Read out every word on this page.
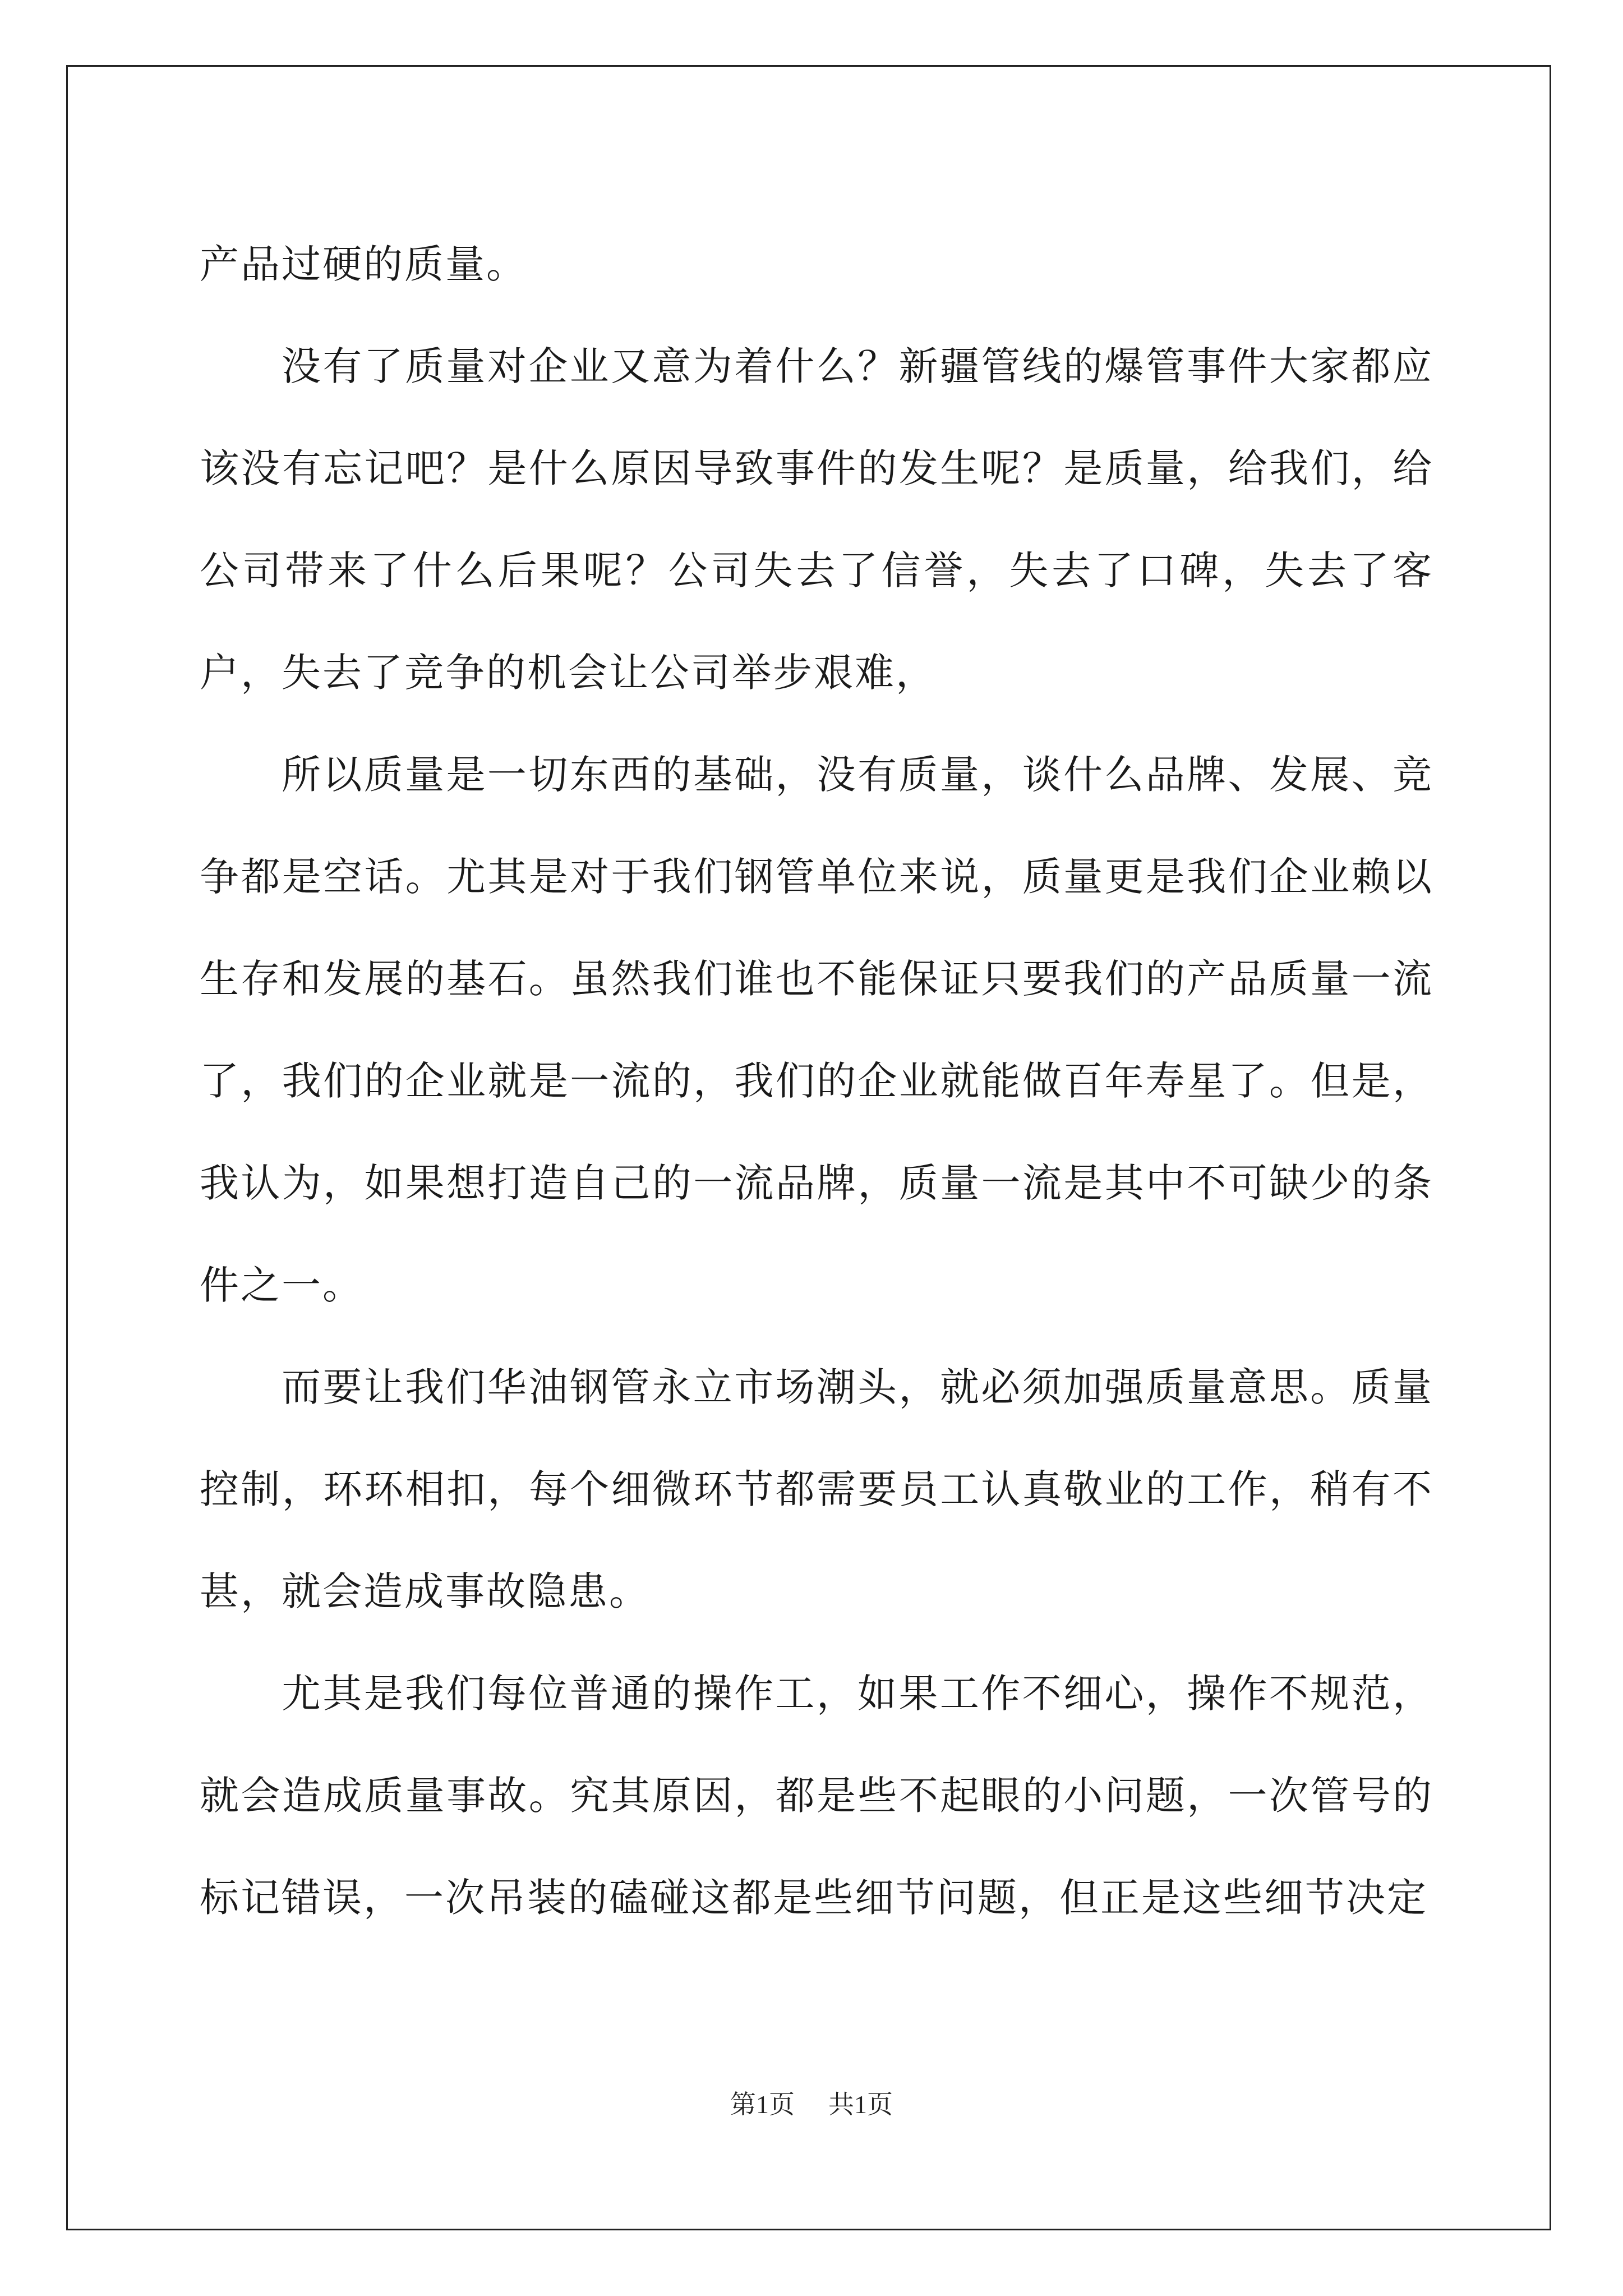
产品过硬的质量。

没有了质量对企业又意为着什么？新疆管线的爆管事件大家都应该没有忘记吧？是什么原因导致事件的发生呢？是质量，给我们，给公司带来了什么后果呢？公司失去了信誉，失去了口碑，失去了客户，失去了竞争的机会让公司举步艰难，

所以质量是一切东西的基础，没有质量，谈什么品牌、发展、竞争都是空话。尤其是对于我们钢管单位来说，质量更是我们企业赖以生存和发展的基石。虽然我们谁也不能保证只要我们的产品质量一流了，我们的企业就是一流的，我们的企业就能做百年寿星了。但是，我认为，如果想打造自己的一流品牌，质量一流是其中不可缺少的条件之一。

而要让我们华油钢管永立市场潮头，就必须加强质量意思。质量控制，环环相扣，每个细微环节都需要员工认真敬业的工作，稍有不甚，就会造成事故隐患。

尤其是我们每位普通的操作工，如果工作不细心，操作不规范，就会造成质量事故。究其原因，都是些不起眼的小问题，一次管号的标记错误，一次吊装的磕碰这都是些细节问题，但正是这些细节决定

第1页 共1页
